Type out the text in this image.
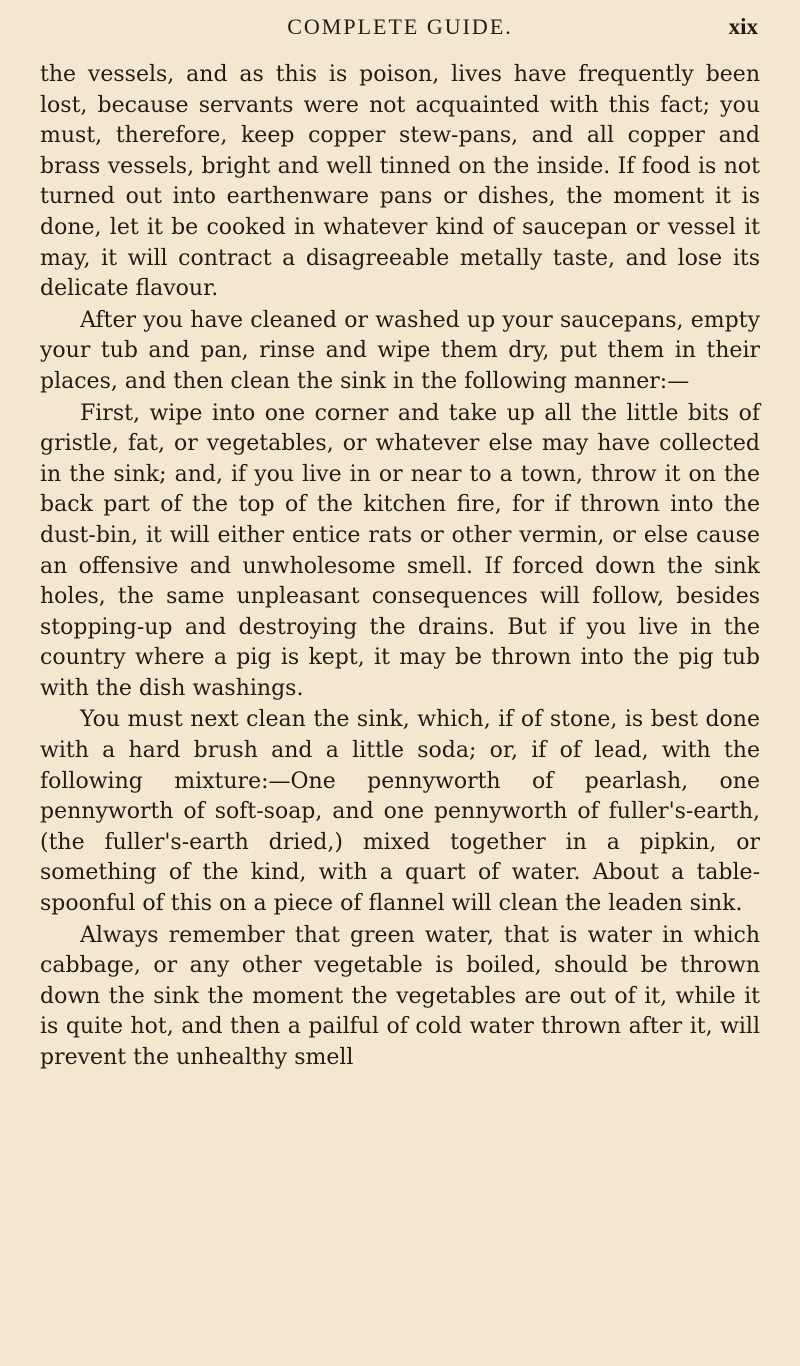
COMPLETE GUIDE.	xix

the vessels, and as this is poison, lives have frequently been lost, because servants were not acquainted with this fact; you must, therefore, keep copper stew-pans, and all copper and brass vessels, bright and well tinned on the inside. If food is not turned out into earthenware pans or dishes, the moment it is done, let it be cooked in whatever kind of saucepan or vessel it may, it will contract a disagreeable metally taste, and lose its delicate flavour.

After you have cleaned or washed up your saucepans, empty your tub and pan, rinse and wipe them dry, put them in their places, and then clean the sink in the following manner:—

First, wipe into one corner and take up all the little bits of gristle, fat, or vegetables, or whatever else may have collected in the sink; and, if you live in or near to a town, throw it on the back part of the top of the kitchen fire, for if thrown into the dust-bin, it will either entice rats or other vermin, or else cause an offensive and unwholesome smell. If forced down the sink holes, the same unpleasant consequences will follow, besides stopping-up and destroying the drains. But if you live in the country where a pig is kept, it may be thrown into the pig tub with the dish washings.

You must next clean the sink, which, if of stone, is best done with a hard brush and a little soda; or, if of lead, with the following mixture:—One pennyworth of pearlash, one pennyworth of soft-soap, and one pennyworth of fuller's-earth, (the fuller's-earth dried,) mixed together in a pipkin, or something of the kind, with a quart of water. About a table-spoonful of this on a piece of flannel will clean the leaden sink.

Always remember that green water, that is water in which cabbage, or any other vegetable is boiled, should be thrown down the sink the moment the vegetables are out of it, while it is quite hot, and then a pailful of cold water thrown after it, will prevent the unhealthy smell
